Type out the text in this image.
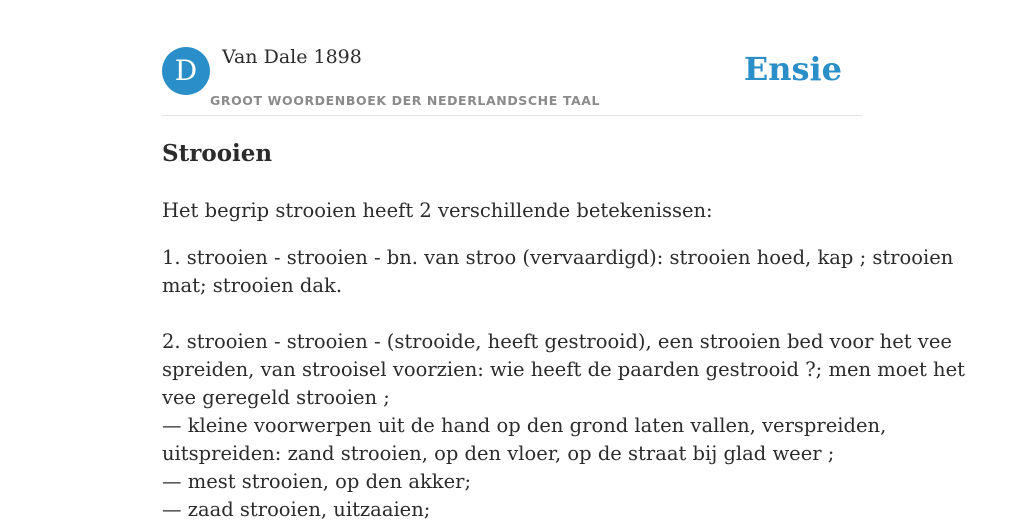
D	Van Dale 1898
GROOT WOORDENBOEK DER NEDERLANDSCHE TAAL
Ensie
Strooien

Het begrip strooien heeft 2 verschillende betekenissen:

1. strooien - strooien - bn. van stroo (vervaardigd): strooien hoed, kap ; strooien

mat; strooien dak.

2. strooien - strooien - (strooide, heeft gestrooid), een strooien bed voor het vee

spreiden, van strooisel voorzien: wie heeft de paarden gestrooid ?; men moet het

vee geregeld strooien ;

— kleine voorwerpen uit de hand op den grond laten vallen, verspreiden,

uitspreiden: zand strooien, op den vloer, op de straat bij glad weer ;

— mest strooien, op den akker;

— zaad strooien, uitzaaien;
